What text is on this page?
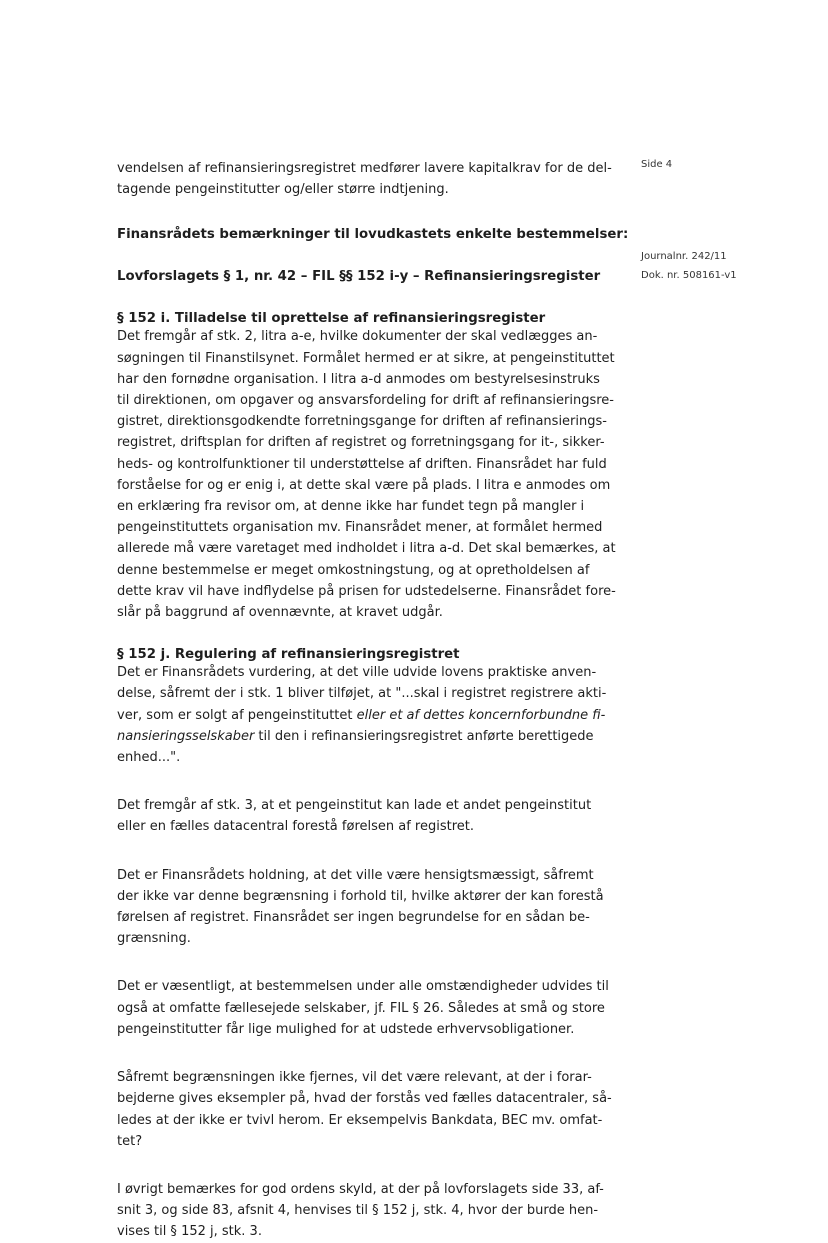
Side 4
Journalnr. 242/11
Dok. nr. 508161-v1

vendelsen af refinansieringsregistret medfører lavere kapitalkrav for de del-
tagende pengeinstitutter og/eller større indtjening.

Finansrådets bemærkninger til lovudkastets enkelte bestemmelser:

Lovforslagets § 1, nr. 42 – FIL §§ 152 i-y – Refinansieringsregister

§ 152 i. Tilladelse til oprettelse af refinansieringsregister

Det fremgår af stk. 2, litra a-e, hvilke dokumenter der skal vedlægges an-
søgningen til Finanstilsynet. Formålet hermed er at sikre, at pengeinstituttet
har den fornødne organisation. I litra a-d anmodes om bestyrelsesinstruks
til direktionen, om opgaver og ansvarsfordeling for drift af refinansieringsre-
gistret, direktionsgodkendte forretningsgange for driften af refinansierings-
registret, driftsplan for driften af registret og forretningsgang for it-, sikker-
heds- og kontrolfunktioner til understøttelse af driften. Finansrådet har fuld
forståelse for og er enig i, at dette skal være på plads. I litra e anmodes om
en erklæring fra revisor om, at denne ikke har fundet tegn på mangler i
pengeinstituttets organisation mv. Finansrådet mener, at formålet hermed
allerede må være varetaget med indholdet i litra a-d. Det skal bemærkes, at
denne bestemmelse er meget omkostningstung, og at opretholdelsen af
dette krav vil have indflydelse på prisen for udstedelserne. Finansrådet fore-
slår på baggrund af ovennævnte, at kravet udgår.

§ 152 j. Regulering af refinansieringsregistret

Det er Finansrådets vurdering, at det ville udvide lovens praktiske anven-
delse, såfremt der i stk. 1 bliver tilføjet, at "...skal i registret registrere akti-
ver, som er solgt af pengeinstituttet eller et af dettes koncernforbundne fi-
nansieringsselskaber til den i refinansieringsregistret anførte berettigede
enhed...".

Det fremgår af stk. 3, at et pengeinstitut kan lade et andet pengeinstitut
eller en fælles datacentral forestå førelsen af registret.

Det er Finansrådets holdning, at det ville være hensigtsmæssigt, såfremt
der ikke var denne begrænsning i forhold til, hvilke aktører der kan forestå
førelsen af registret. Finansrådet ser ingen begrundelse for en sådan be-
grænsning.

Det er væsentligt, at bestemmelsen under alle omstændigheder udvides til
også at omfatte fællesejede selskaber, jf. FIL § 26. Således at små og store
pengeinstitutter får lige mulighed for at udstede erhvervsobligationer.

Såfremt begrænsningen ikke fjernes, vil det være relevant, at der i forar-
bejderne gives eksempler på, hvad der forstås ved fælles datacentraler, så-
ledes at der ikke er tvivl herom. Er eksempelvis Bankdata, BEC mv. omfat-
tet?

I øvrigt bemærkes for god ordens skyld, at der på lovforslagets side 33, af-
snit 3, og side 83, afsnit 4, henvises til § 152 j, stk. 4, hvor der burde hen-
vises til § 152 j, stk. 3.
